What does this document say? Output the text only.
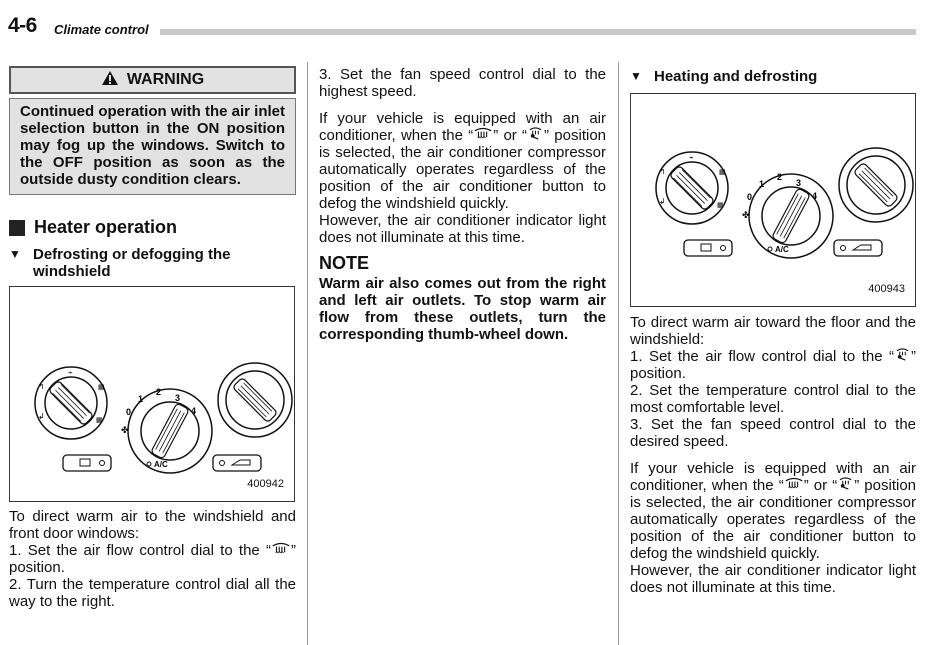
4-6 Climate control
WARNING
Continued operation with the air inlet selection button in the ON position may fog up the windows. Switch to the OFF position as soon as the outside dusty condition clears.
Heater operation
▼ Defrosting or defogging the windshield
400942

To direct warm air to the windshield and front door windows:

1. Set the air flow control dial to the “ ” position.

2. Turn the temperature control dial all the way to the right.

3. Set the fan speed control dial to the highest speed.

If your vehicle is equipped with an air conditioner, when the “ ” or “ ” position is selected, the air conditioner compressor automatically operates regardless of the position of the air conditioner button to defog the windshield quickly.

However, the air conditioner indicator light does not illuminate at this time.

NOTE
Warm air also comes out from the right and left air outlets. To stop warm air flow from these outlets, turn the corresponding thumb-wheel down.
▼ Heating and defrosting
400943

To direct warm air toward the floor and the windshield:

1. Set the air flow control dial to the “ ” position.

2. Set the temperature control dial to the most comfortable level.

3. Set the fan speed control dial to the desired speed.

If your vehicle is equipped with an air conditioner, when the “ ” or “ ” position is selected, the air conditioner compressor automatically operates regardless of the position of the air conditioner button to defog the windshield quickly.

However, the air conditioner indicator light does not illuminate at this time.
